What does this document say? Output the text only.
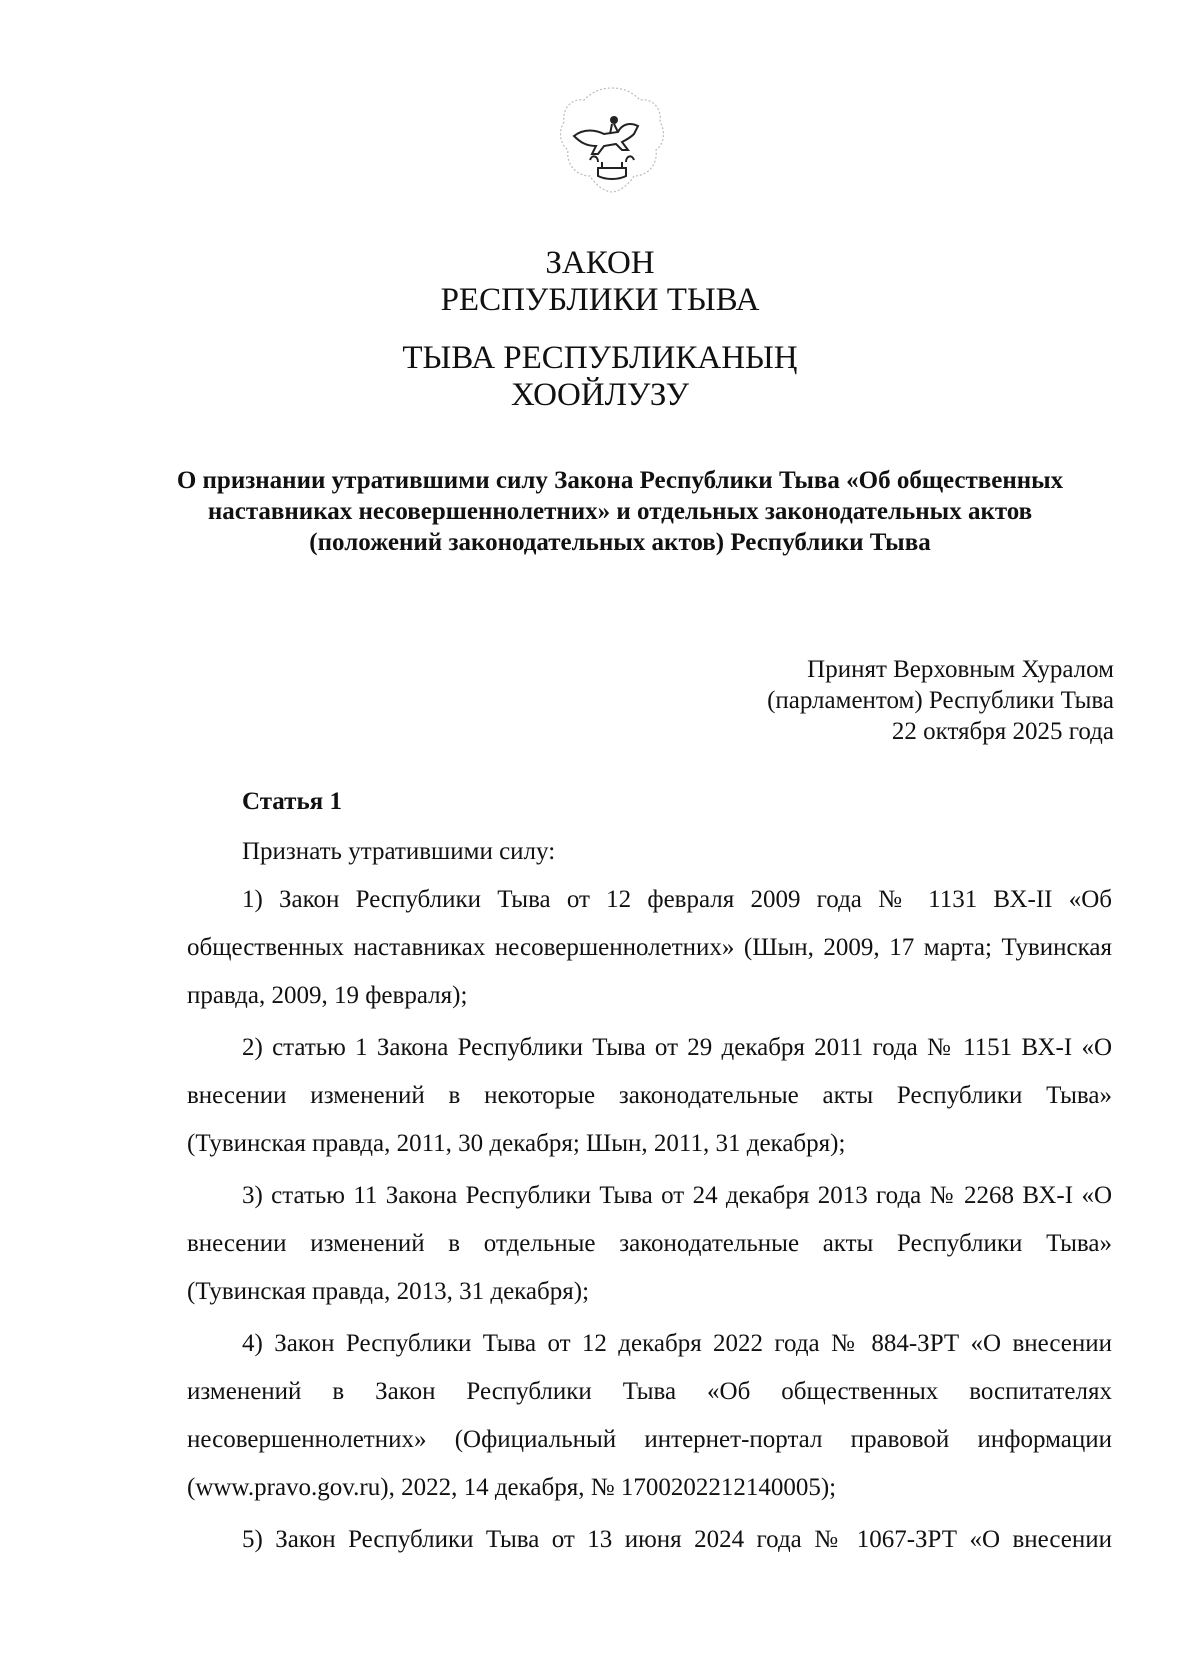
ЗАКОН
РЕСПУБЛИКИ ТЫВА
ТЫВА РЕСПУБЛИКАНЫҢ
ХООЙЛУЗУ
О признании утратившими силу Закона Республики Тыва «Об общественных наставниках несовершеннолетних» и отдельных законодательных актов (положений законодательных актов) Республики Тыва
Принят Верховным Хуралом
(парламентом) Республики Тыва
22 октября 2025 года
Статья 1
Признать утратившими силу:
1) Закон Республики Тыва от 12 февраля 2009 года № 1131 ВХ-II «Об общественных наставниках несовершеннолетних» (Шын, 2009, 17 марта; Тувинская правда, 2009, 19 февраля);
2) статью 1 Закона Республики Тыва от 29 декабря 2011 года № 1151 ВХ-I «О внесении изменений в некоторые законодательные акты Республики Тыва» (Тувинская правда, 2011, 30 декабря; Шын, 2011, 31 декабря);
3) статью 11 Закона Республики Тыва от 24 декабря 2013 года № 2268 ВХ-I «О внесении изменений в отдельные законодательные акты Республики Тыва» (Тувинская правда, 2013, 31 декабря);
4) Закон Республики Тыва от 12 декабря 2022 года № 884-ЗРТ «О внесении изменений в Закон Республики Тыва «Об общественных воспитателях несовершеннолетних» (Официальный интернет-портал правовой информации (www.pravo.gov.ru), 2022, 14 декабря, № 1700202212140005);
5) Закон Республики Тыва от 13 июня 2024 года № 1067-ЗРТ «О внесении
